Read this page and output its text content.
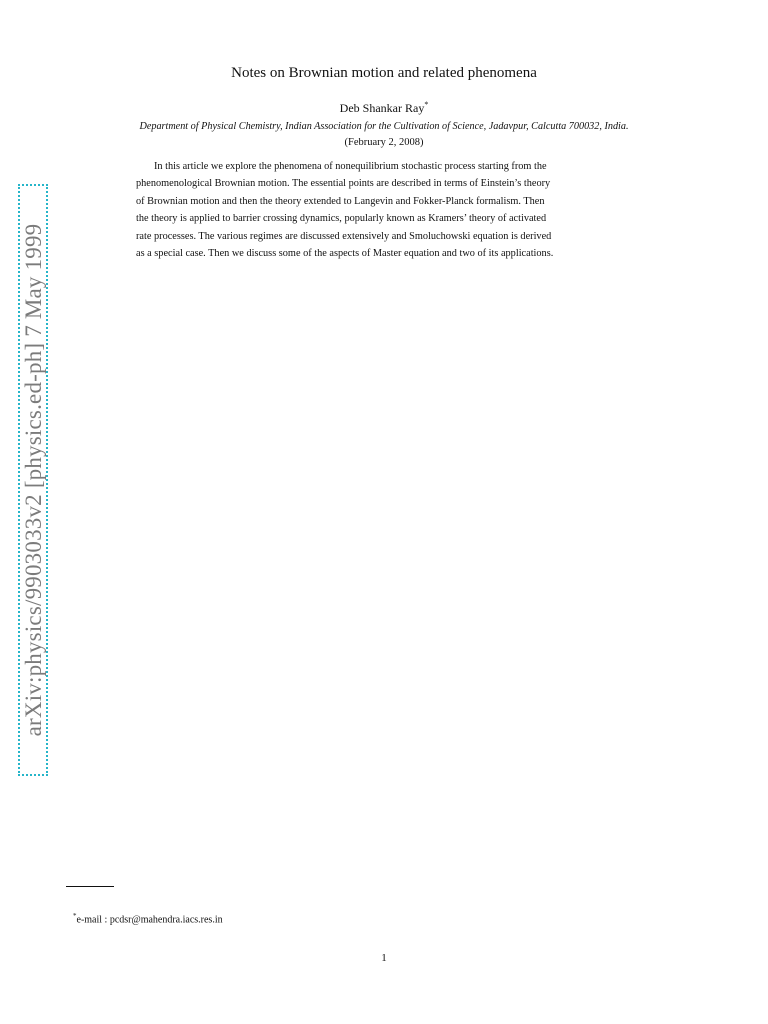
arXiv:physics/9903033v2 [physics.ed-ph] 7 May 1999
Notes on Brownian motion and related phenomena
Deb Shankar Ray*
Department of Physical Chemistry, Indian Association for the Cultivation of Science, Jadavpur, Calcutta 700032, India.
(February 2, 2008)
In this article we explore the phenomena of nonequilibrium stochastic process starting from the
phenomenological Brownian motion. The essential points are described in terms of Einstein’s theory
of Brownian motion and then the theory extended to Langevin and Fokker-Planck formalism. Then
the theory is applied to barrier crossing dynamics, popularly known as Kramers’ theory of activated
rate processes. The various regimes are discussed extensively and Smoluchowski equation is derived
as a special case. Then we discuss some of the aspects of Master equation and two of its applications.
*e-mail : pcdsr@mahendra.iacs.res.in
1
